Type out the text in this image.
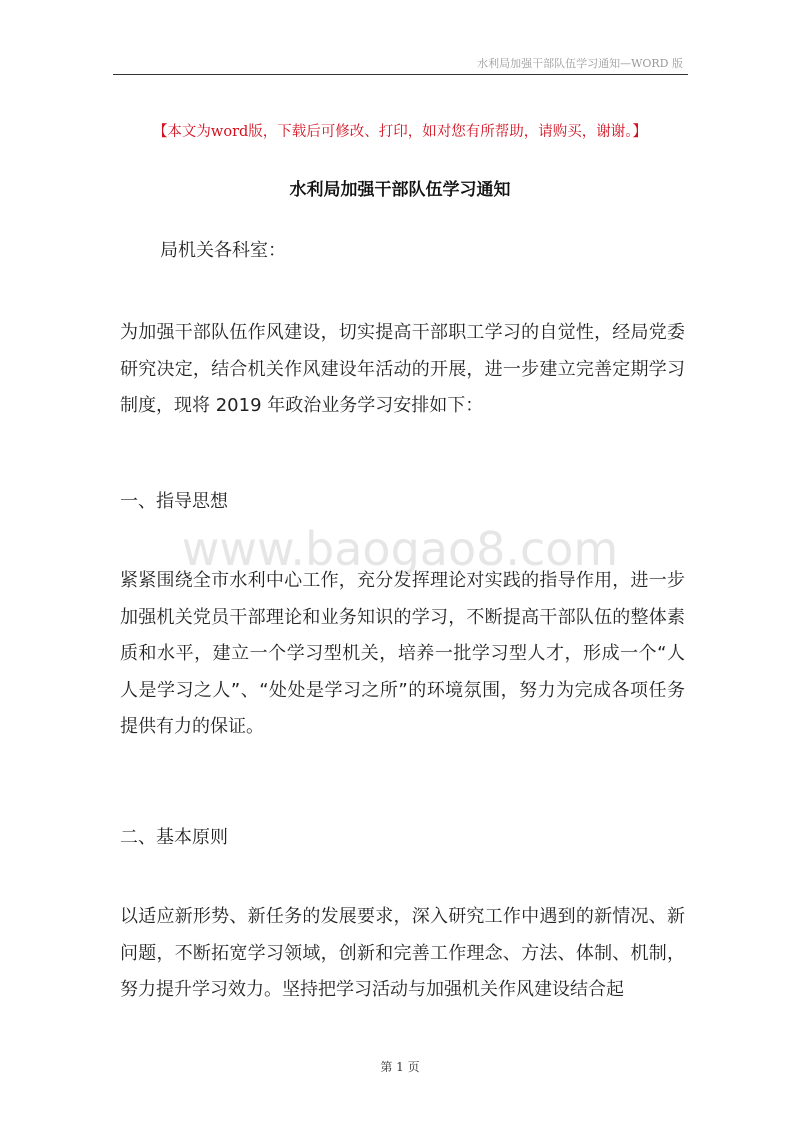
水利局加强干部队伍学习通知—WORD 版
【本文为word版，下载后可修改、打印，如对您有所帮助，请购买，谢谢。】
水利局加强干部队伍学习通知
局机关各科室：

为加强干部队伍作风建设，切实提高干部职工学习的自觉性，经局党委研究决定，结合机关作风建设年活动的开展，进一步建立完善定期学习制度，现将 2019 年政治业务学习安排如下：

一、指导思想
www.baogao8.com

紧紧围绕全市水利中心工作，充分发挥理论对实践的指导作用，进一步加强机关党员干部理论和业务知识的学习，不断提高干部队伍的整体素质和水平，建立一个学习型机关，培养一批学习型人才，形成一个“人人是学习之人”、“处处是学习之所”的环境氛围，努力为完成各项任务提供有力的保证。

二、基本原则

以适应新形势、新任务的发展要求，深入研究工作中遇到的新情况、新问题，不断拓宽学习领域，创新和完善工作理念、方法、体制、机制，努力提升学习效力。坚持把学习活动与加强机关作风建设结合起

第 1 页
